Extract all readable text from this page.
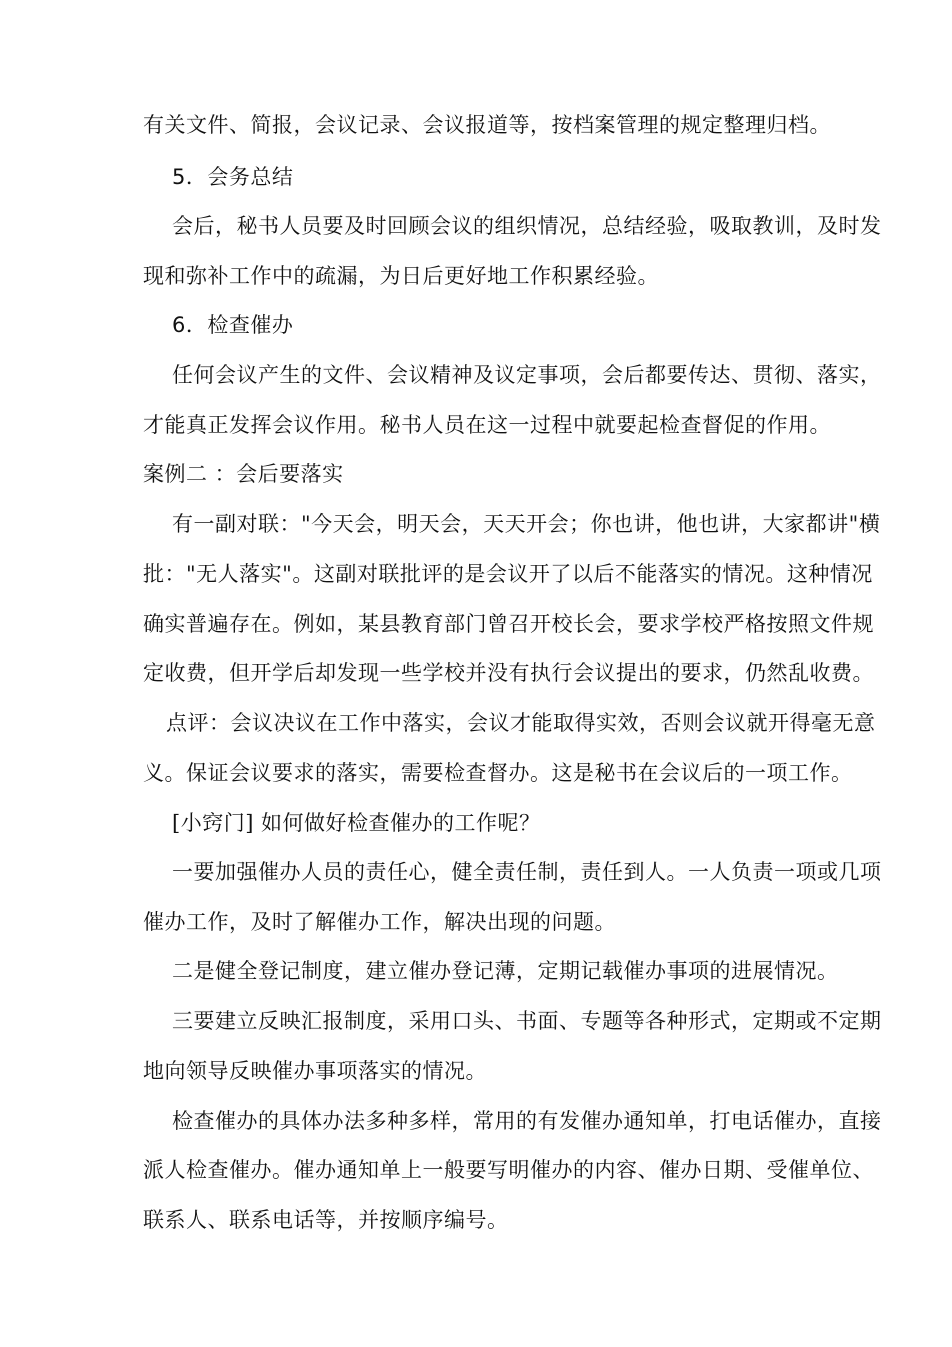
有关文件、简报，会议记录、会议报道等，按档案管理的规定整理归档。
5．会务总结
会后，秘书人员要及时回顾会议的组织情况，总结经验，吸取教训，及时发
现和弥补工作中的疏漏，为日后更好地工作积累经验。
6．检查催办
任何会议产生的文件、会议精神及议定事项，会后都要传达、贯彻、落实，
才能真正发挥会议作用。秘书人员在这一过程中就要起检查督促的作用。
案例二 ：会后要落实
有一副对联："今天会，明天会，天天开会；你也讲，他也讲，大家都讲"横
批："无人落实"。这副对联批评的是会议开了以后不能落实的情况。这种情况
确实普遍存在。例如，某县教育部门曾召开校长会，要求学校严格按照文件规
定收费，但开学后却发现一些学校并没有执行会议提出的要求，仍然乱收费。
点评：会议决议在工作中落实，会议才能取得实效，否则会议就开得毫无意
义。保证会议要求的落实，需要检查督办。这是秘书在会议后的一项工作。
[小窍门] 如何做好检查催办的工作呢？
一要加强催办人员的责任心，健全责任制，责任到人。一人负责一项或几项
催办工作，及时了解催办工作，解决出现的问题。
二是健全登记制度，建立催办登记薄，定期记载催办事项的进展情况。
三要建立反映汇报制度，采用口头、书面、专题等各种形式，定期或不定期
地向领导反映催办事项落实的情况。
检查催办的具体办法多种多样，常用的有发催办通知单，打电话催办，直接
派人检查催办。催办通知单上一般要写明催办的内容、催办日期、受催单位、
联系人、联系电话等，并按顺序编号。
